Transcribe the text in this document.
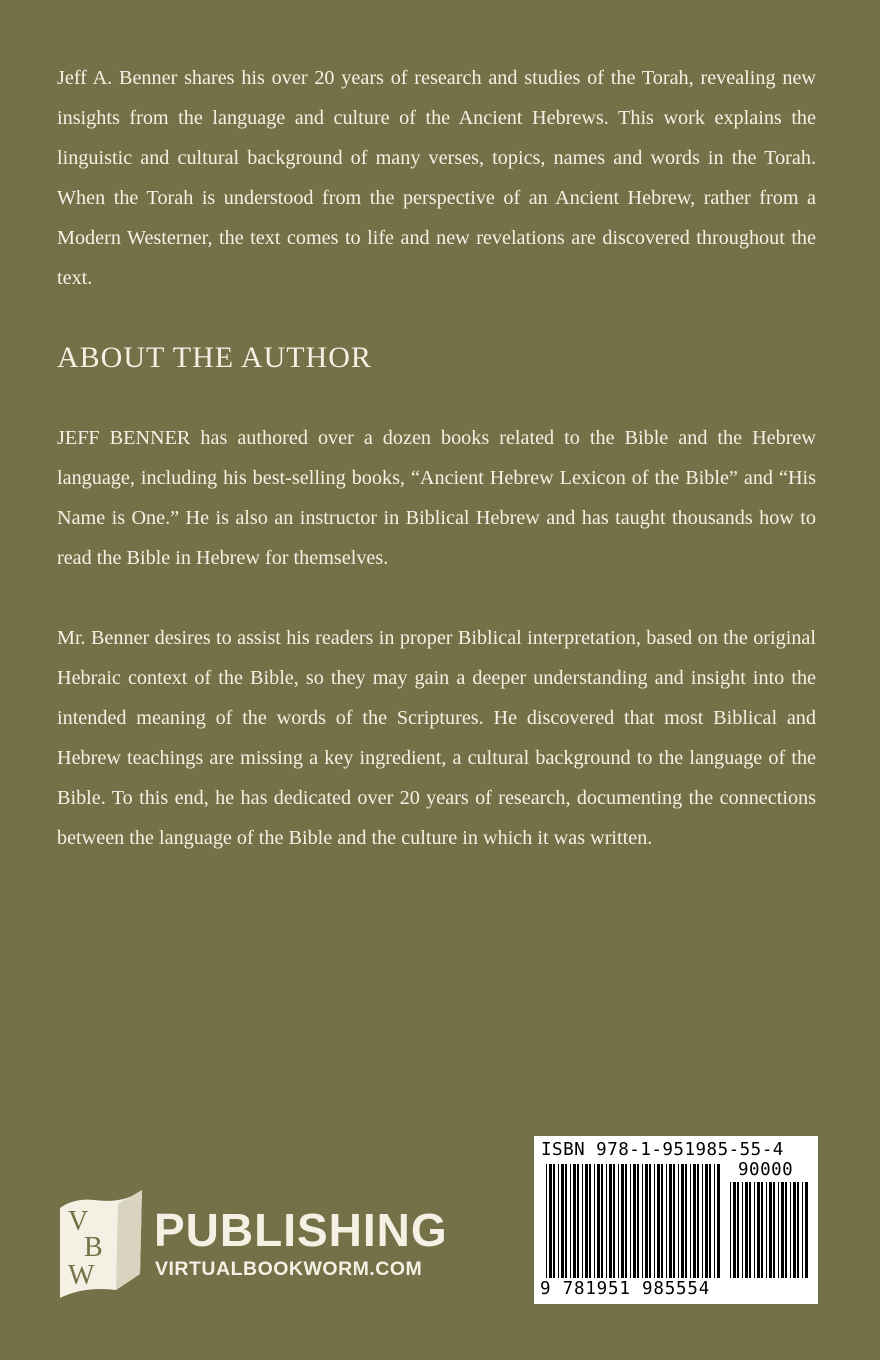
Jeff A. Benner shares his over 20 years of research and studies of the Torah, revealing new insights from the language and culture of the Ancient Hebrews. This work explains the linguistic and cultural background of many verses, topics, names and words in the Torah. When the Torah is understood from the perspective of an Ancient Hebrew, rather from a Modern Westerner, the text comes to life and new revelations are discovered throughout the text.

ABOUT THE AUTHOR

JEFF BENNER has authored over a dozen books related to the Bible and the Hebrew language, including his best-selling books, “Ancient Hebrew Lexicon of the Bible” and “His Name is One.” He is also an instructor in Biblical Hebrew and has taught thousands how to read the Bible in Hebrew for themselves.

Mr. Benner desires to assist his readers in proper Biblical interpretation, based on the original Hebraic context of the Bible, so they may gain a deeper understanding and insight into the intended meaning of the words of the Scriptures. He discovered that most Biblical and Hebrew teachings are missing a key ingredient, a cultural background to the language of the Bible. To this end, he has dedicated over 20 years of research, documenting the connections between the language of the Bible and the culture in which it was written.

V
B
W
PUBLISHING
VIRTUALBOOKWORM.COM
ISBN 978-1-951985-55-4
90000
9 781951 985554
